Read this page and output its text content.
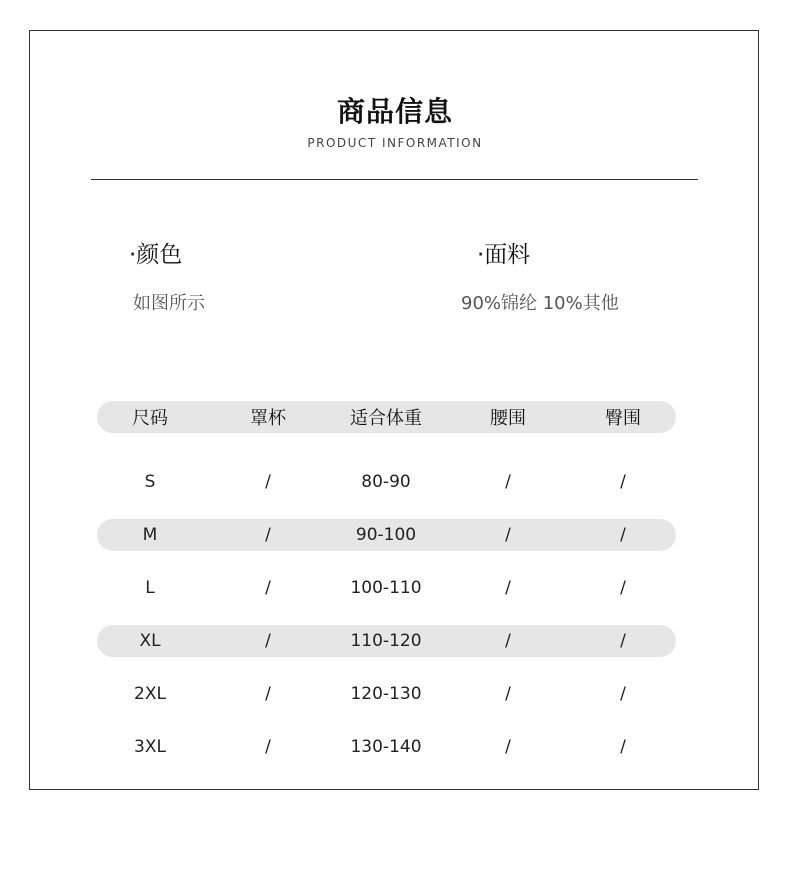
商品信息
PRODUCT INFORMATION
·颜色
如图所示
·面料
90%锦纶 10%其他
尺码	罩杯	适合体重	腰围	臀围
S	/	80-90	/	/
M	/	90-100	/	/
L	/	100-110	/	/
XL	/	110-120	/	/
2XL	/	120-130	/	/
3XL	/	130-140	/	/
